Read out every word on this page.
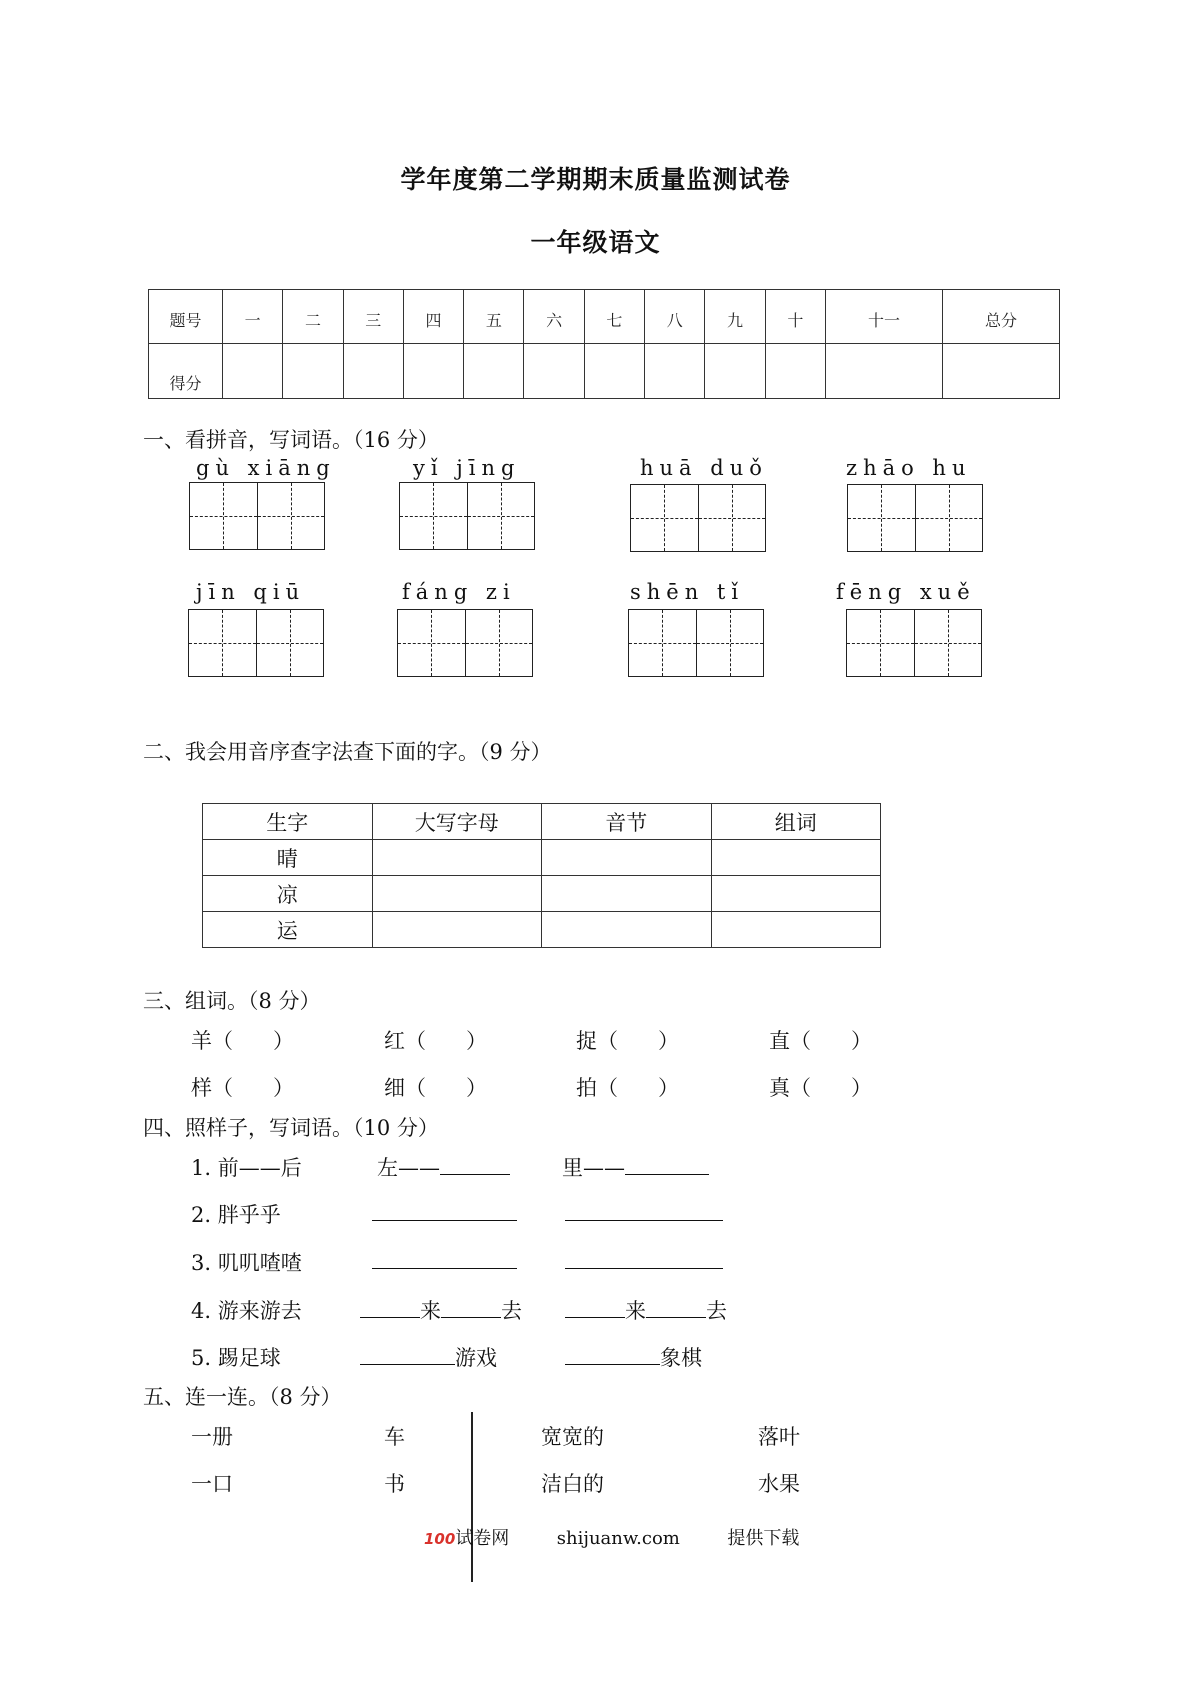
学年度第二学期期末质量监测试卷
一年级语文
题号	一	二	三	四	五	六	七	八	九	十	十一	总分
得分												
一、看拼音，写词语。（16 分）
gù xiāng	yǐ jīng	huā duǒ	zhāo hu
jīn qiū	fáng zi	shēn tǐ	fēng xuě
二、我会用音序查字法查下面的字。（9 分）
生字	大写字母	音节	组词
晴			
凉			
运			
三、组词。（8 分）
羊（      ）	红（      ）	捉（      ）	直（      ）
样（      ）	细（      ）	拍（      ）	真（      ）
四、照样子，写词语。（10 分）
1. 前——后	左——	里——
2. 胖乎乎
3. 叽叽喳喳
4. 游来游去	来	去	来	去
5. 踢足球	游戏	象棋
五、连一连。（8 分）
一册	车	宽宽的	落叶
一口	书	洁白的	水果
100试卷网	shijuanw.com	提供下载
